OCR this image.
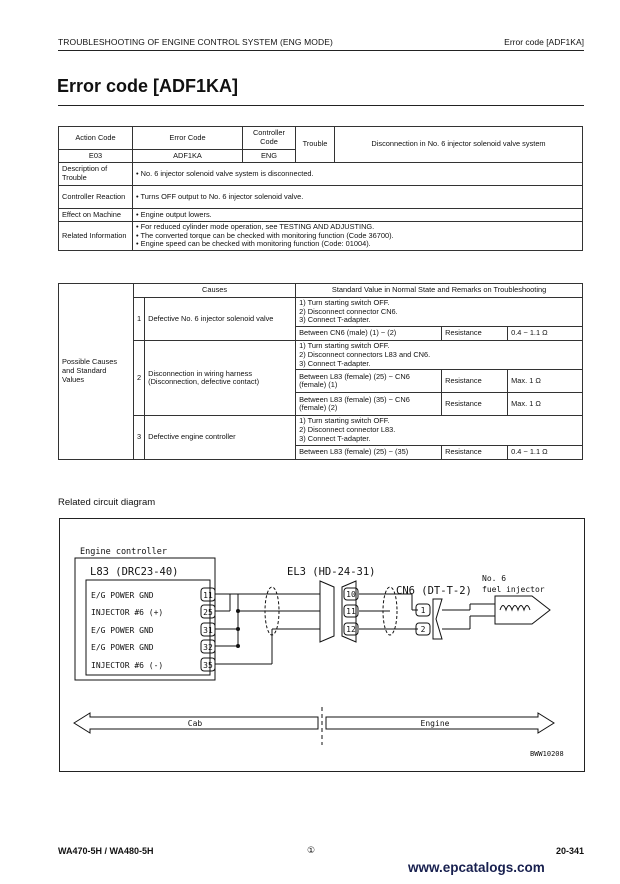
TROUBLESHOOTING OF ENGINE CONTROL SYSTEM (ENG MODE)	Error code [ADF1KA]
Error code [ADF1KA]
Action Code	Error Code	Controller Code	Trouble	Disconnection in No. 6 injector solenoid valve system
E03	ADF1KA	ENG		
Description of Trouble	• No. 6 injector solenoid valve system is disconnected.			
Controller Reaction	• Turns OFF output to No. 6 injector solenoid valve.			
Effect on Machine	• Engine output lowers.			
Related Information	• For reduced cylinder mode operation, see TESTING AND ADJUSTING.
• The converted torque can be checked with monitoring function (Code 36700).
• Engine speed can be checked with monitoring function (Code: 01004).			
Possible Causes and Standard Values	Causes		Standard Value in Normal State and Remarks on Troubleshooting		
	1	Defective No. 6 injector solenoid valve	1) Turn starting switch OFF.
2) Disconnect connector CN6.
3) Connect T-adapter.		

			Between CN6 (male) (1) ~ (2)	Resistance	0.4 ~ 1.1 Ω
	2	Disconnection in wiring harness (Disconnection, defective contact)	1) Turn starting switch OFF.
2) Disconnect connectors L83 and CN6.
3) Connect T-adapter.		

			Between L83 (female) (25) ~ CN6 (female) (1)	Resistance	Max. 1 Ω
			Between L83 (female) (35) ~ CN6 (female) (2)	Resistance	Max. 1 Ω
	3	Defective engine controller	1) Turn starting switch OFF.
2) Disconnect connector L83.
3) Connect T-adapter.		

			Between L83 (female) (25) ~ (35)	Resistance	0.4 ~ 1.1 Ω
Related circuit diagram
Engine controller
L83 (DRC23-40)
E/G POWER GND
INJECTOR #6 (+)
E/G POWER GND
E/G POWER GND
INJECTOR #6 (-)
11
25
31
32
35
EL3 (HD-24-31)
10
11
12
CN6 (DT-T-2)
1
2
No. 6
fuel injector
Cab	Engine
BWW10208
WA470-5H / WA480-5H	①	20-341
www.epcatalogs.com
